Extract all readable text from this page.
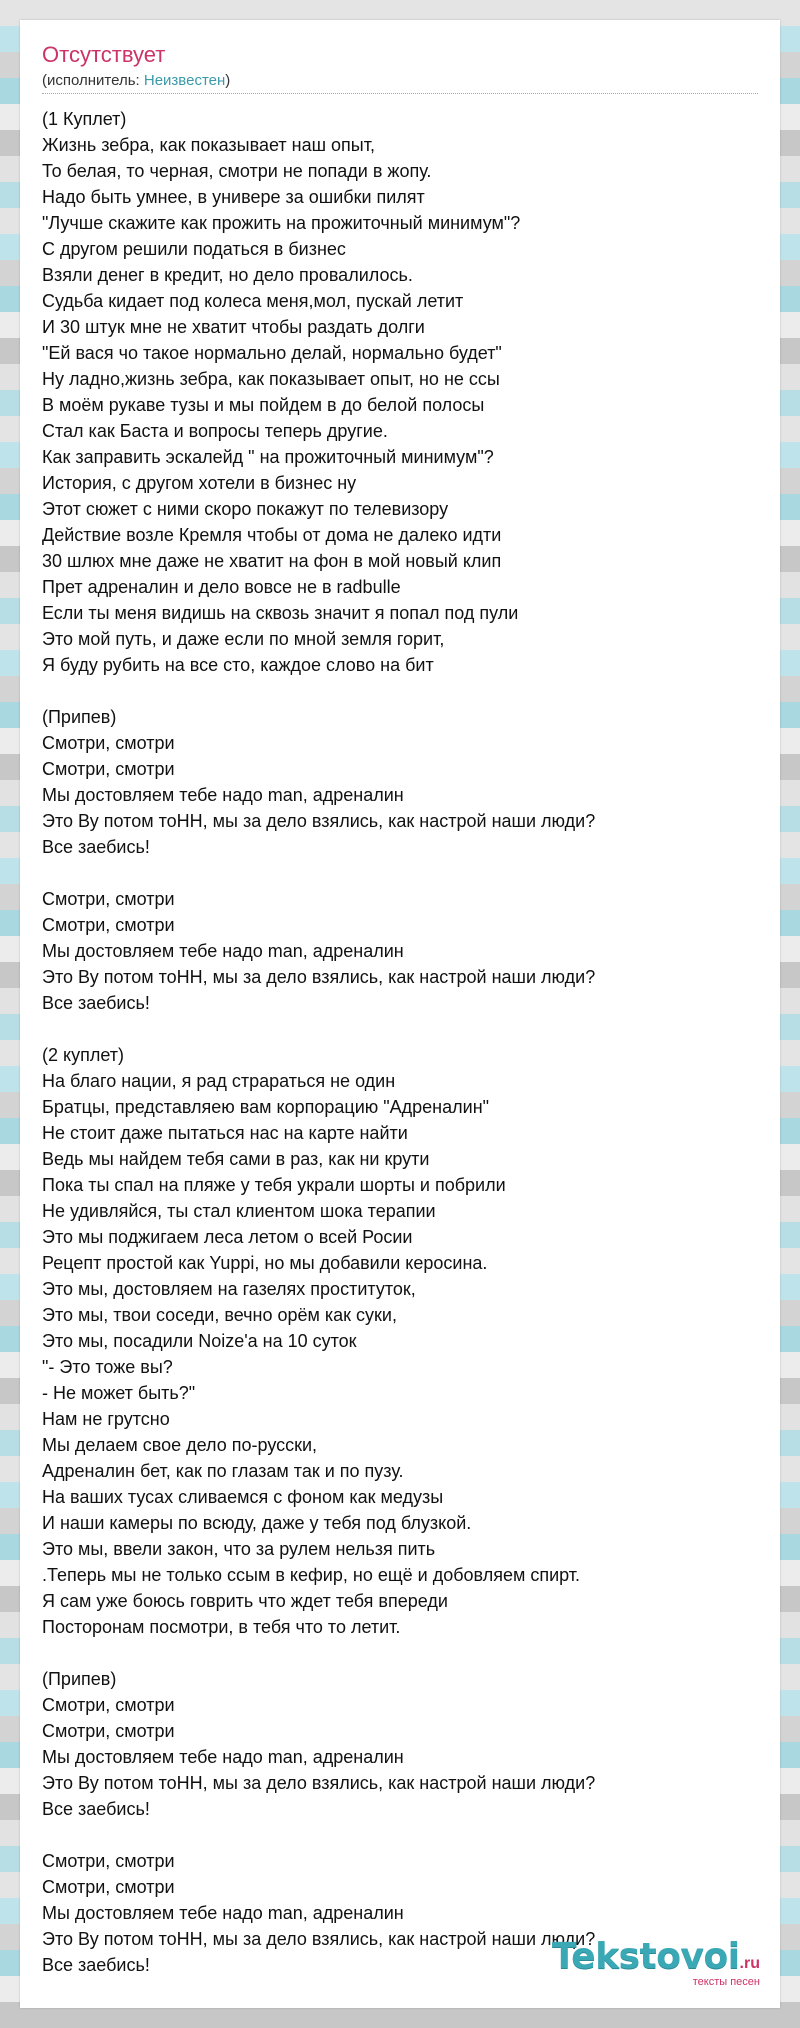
Отсутствует
(исполнитель: Неизвестен)
(1 Куплет)
Жизнь зебра, как показывает наш опыт,
То белая, то черная, смотри не попади в жопу.
Надо быть умнее, в универе за ошибки пилят
"Лучше скажите как прожить на прожиточный минимум"?
С другом решили податься в бизнес
Взяли денег в кредит, но дело провалилось.
Судьба кидает под колеса меня,мол, пускай летит
И 30 штук мне не хватит чтобы раздать долги
"Ей вася чо такое нормально делай, нормально будет"
Ну ладно,жизнь зебра, как показывает опыт, но не ссы
В моём рукаве тузы и мы пойдем в до белой полосы
Стал как Баста и вопросы теперь другие.
Как заправить эскалейд " на прожиточный минимум"?
История, с другом хотели в бизнес ну
Этот сюжет с ними скоро покажут по телевизору
Действие возле Кремля чтобы от дома не далеко идти
30 шлюх мне даже не хватит на фон в мой новый клип
Прет адреналин и дело вовсе не в radbulle
Если ты меня видишь на сквозь значит я попал под пули
Это мой путь, и даже если по мной земля горит,
Я буду рубить на все сто, каждое слово на бит

(Припев)
Смотри, смотри
Смотри, смотри
Мы достовляем тебе надо man, адреналин
Это Ву потом тоНН, мы за дело взялись, как настрой наши люди?
Все заебись!

Смотри, смотри
Смотри, смотри
Мы достовляем тебе надо man, адреналин
Это Ву потом тоНН, мы за дело взялись, как настрой наши люди?
Все заебись!

(2 куплет)
На благо нации, я рад страраться не один
Братцы, представляею вам корпорацию "Адреналин"
Не стоит даже пытаться нас на карте найти
Ведь мы найдем тебя сами в раз, как ни крути
Пока ты спал на пляже у тебя украли шорты и побрили
Не удивляйся, ты стал клиентом шока терапии
Это мы поджигаем леса летом о всей Росии
Рецепт простой как Yuppi, но мы добавили керосина.
Это мы, достовляем на газелях проституток,
Это мы, твои соседи, вечно орём как суки,
Это мы, посадили Noize'a на 10 суток
"- Это тоже вы?
- Не может быть?"
Нам не грутсно
Мы делаем свое дело по-русски,
Адреналин бет, как по глазам так и по пузу.
На ваших тусах сливаемся с фоном как медузы
И наши камеры по всюду, даже у тебя под блузкой.
Это мы, ввели закон, что за рулем нельзя пить
.Теперь мы не только ссым в кефир, но ещё и добовляем спирт.
Я сам уже боюсь говрить что ждет тебя впереди
Посторонам посмотри, в тебя что то летит.

(Припев)
Смотри, смотри
Смотри, смотри
Мы достовляем тебе надо man, адреналин
Это Ву потом тоНН, мы за дело взялись, как настрой наши люди?
Все заебись!

Смотри, смотри
Смотри, смотри
Мы достовляем тебе надо man, адреналин
Это Ву потом тоНН, мы за дело взялись, как настрой наши люди?
Все заебись!	Tekstovoi.ru
тексты песен
